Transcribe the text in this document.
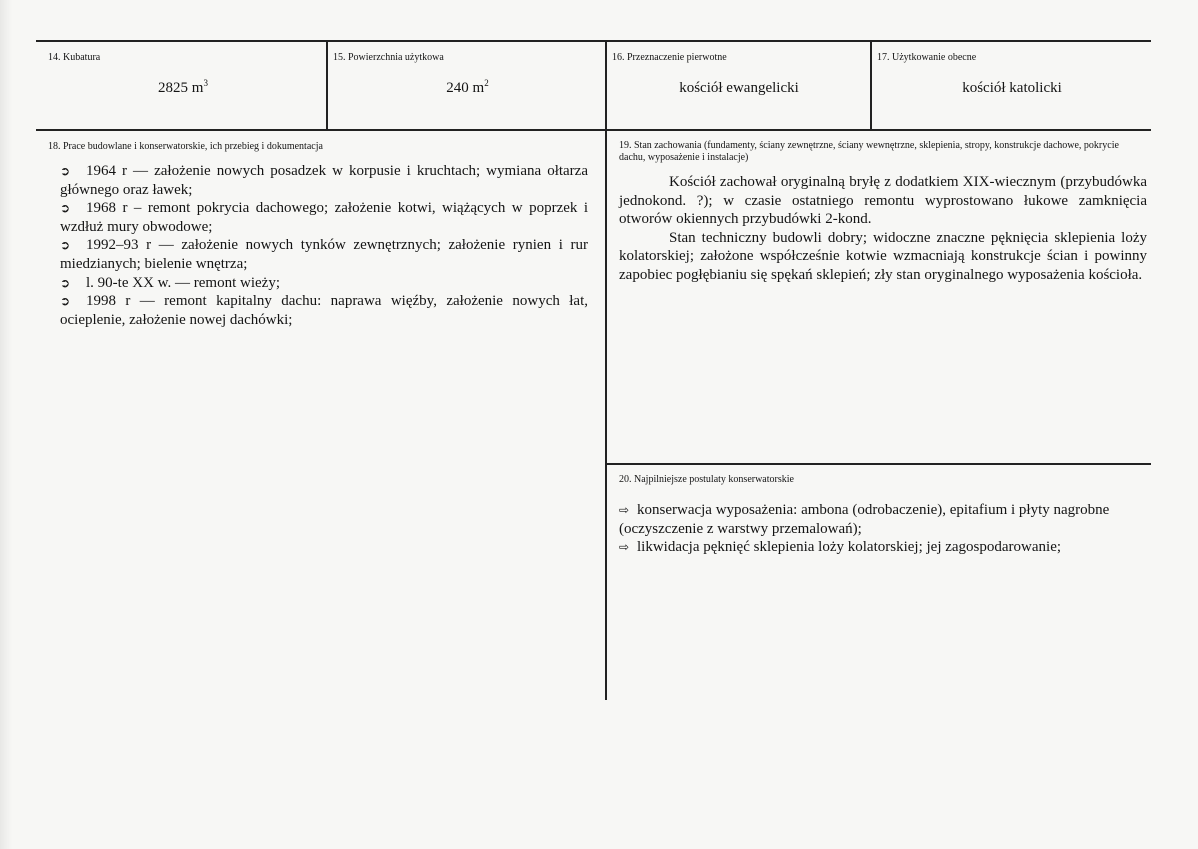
14. Kubatura
2825 $m^3$
15. Powierzchnia użytkowa
240 $m^2$
16. Przeznaczenie pierwotne
kościół ewangelicki
17. Użytkowanie obecne
kościół katolicki
18. Prace budowlane i konserwatorskie, ich przebieg i dokumentacja
➲ 1964 r — założenie nowych posadzek w korpusie i kruchtach; wymiana ołtarza głównego oraz ławek;
➲ 1968 r – remont pokrycia dachowego; założenie kotwi, wiążących w poprzek i wzdłuż mury obwodowe;
➲ 1992–93 r — założenie nowych tynków zewnętrznych; założenie rynien i rur miedzianych; bielenie wnętrza;
➲ l. 90-te XX w. — remont wieży;
➲ 1998 r — remont kapitalny dachu: naprawa więźby, założenie nowych łat, ocieplenie, założenie nowej dachówki;
19. Stan zachowania (fundamenty, ściany zewnętrzne, ściany wewnętrzne, sklepienia, stropy, konstrukcje dachowe, pokrycie dachu, wyposażenie i instalacje)
Kościół zachował oryginalną bryłę z dodatkiem XIX-wiecznym (przybudówka jednokond. ?); w czasie ostatniego remontu wyprostowano łukowe zamknięcia otworów okiennych przybudówki 2-kond.
Stan techniczny budowli dobry; widoczne znaczne pęknięcia sklepienia loży kolatorskiej; założone współcześnie kotwie wzmacniają konstrukcje ścian i powinny zapobiec pogłębianiu się spękań sklepień; zły stan oryginalnego wyposażenia kościoła.
20. Najpilniejsze postulaty konserwatorskie
⇨ konserwacja wyposażenia: ambona (odrobaczenie), epitafium i płyty nagrobne (oczyszczenie z warstwy przemalowań);
⇨ likwidacja pęknięć sklepienia loży kolatorskiej; jej zagospodarowanie;
